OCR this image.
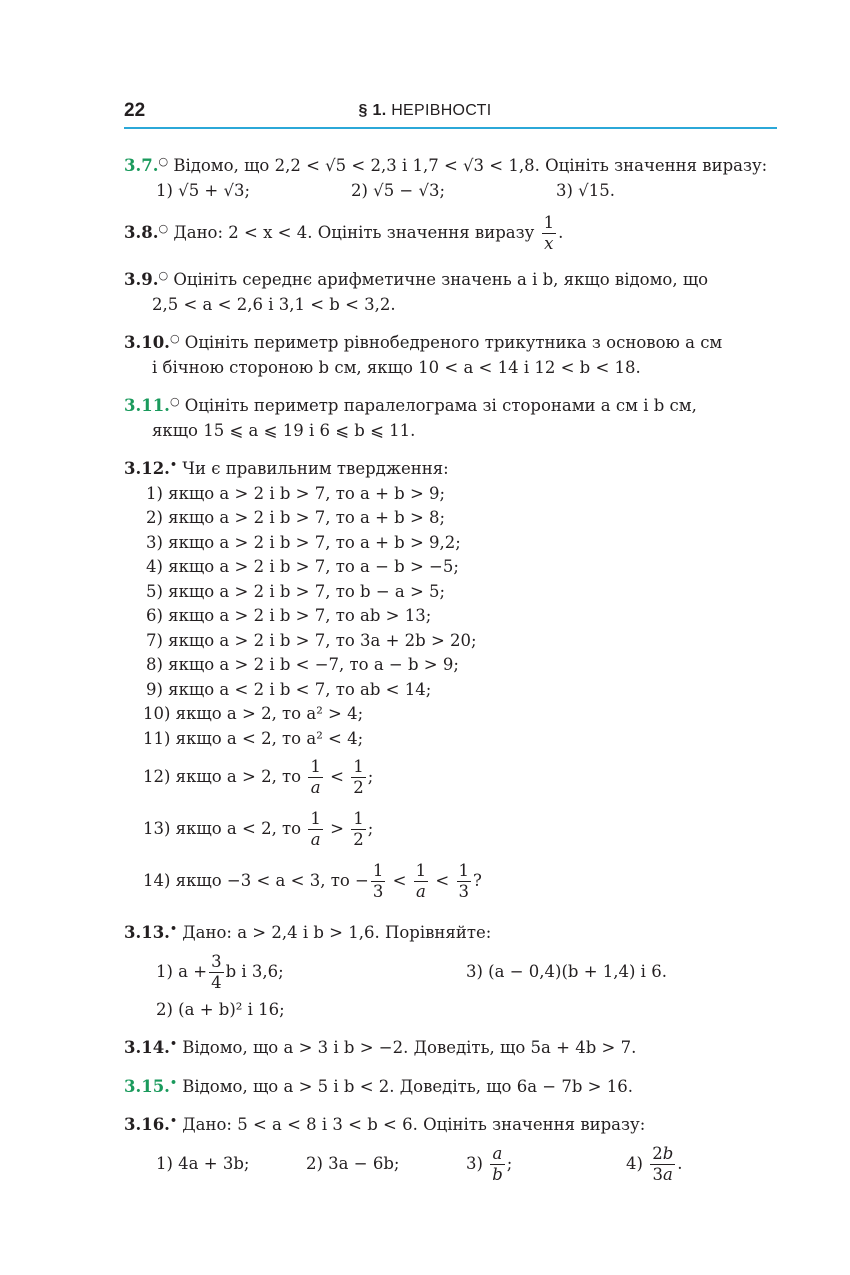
22	§ 1. НЕРІВНОСТІ
3.7.○ Відомо, що 2,2 < √5 < 2,3 і 1,7 < √3 < 1,8. Оцініть значення виразу:
1) √5 + √3;	2) √5 − √3;	3) √15.
3.8.○ Дано: 2 < x < 4. Оцініть значення виразу $\frac{1}{x}$ .
3.9.○ Оцініть середнє арифметичне значень a і b, якщо відомо, що
2,5 < a < 2,6 і 3,1 < b < 3,2.
3.10.○ Оцініть периметр рівнобедреного трикутника з основою a см
і бічною стороною b см, якщо 10 < a < 14 і 12 < b < 18.
3.11.○ Оцініть периметр паралелограма зі сторонами a см і b см,
якщо 15 ⩽ a ⩽ 19 і 6 ⩽ b ⩽ 11.
3.12.• Чи є правильним твердження:
1) якщо a > 2 і b > 7, то a + b > 9;
2) якщо a > 2 і b > 7, то a + b > 8;
3) якщо a > 2 і b > 7, то a + b > 9,2;
4) якщо a > 2 і b > 7, то a − b > −5;
5) якщо a > 2 і b > 7, то b − a > 5;
6) якщо a > 2 і b > 7, то ab > 13;
7) якщо a > 2 і b > 7, то 3a + 2b > 20;
8) якщо a > 2 і b < −7, то a − b > 9;
9) якщо a < 2 і b < 7, то ab < 14;
10) якщо a > 2, то a² > 4;
11) якщо a < 2, то a² < 4;
12) якщо a > 2, то $\frac{1}{a} < \frac{1}{2}$ ;
13) якщо a < 2, то $\frac{1}{a} > \frac{1}{2}$ ;
14) якщо −3 < a < 3, то − $\frac{1}{3} < \frac{1}{a} < \frac{1}{3}$ ?
3.13.• Дано: a > 2,4 і b > 1,6. Порівняйте:
1) $a + \frac{3}{4}$ b і 3,6;	3) (a − 0,4)(b + 1,4) і 6.
2) (a + b)² і 16;
3.14.• Відомо, що a > 3 і b > −2. Доведіть, що 5a + 4b > 7.
3.15.• Відомо, що a > 5 і b < 2. Доведіть, що 6a − 7b > 16.
3.16.• Дано: 5 < a < 8 і 3 < b < 6. Оцініть значення виразу:
1) 4a + 3b;	2) 3a − 6b;	$3) \frac{a}{b}$ ;	$4) \frac{2b}{3a}$ .
